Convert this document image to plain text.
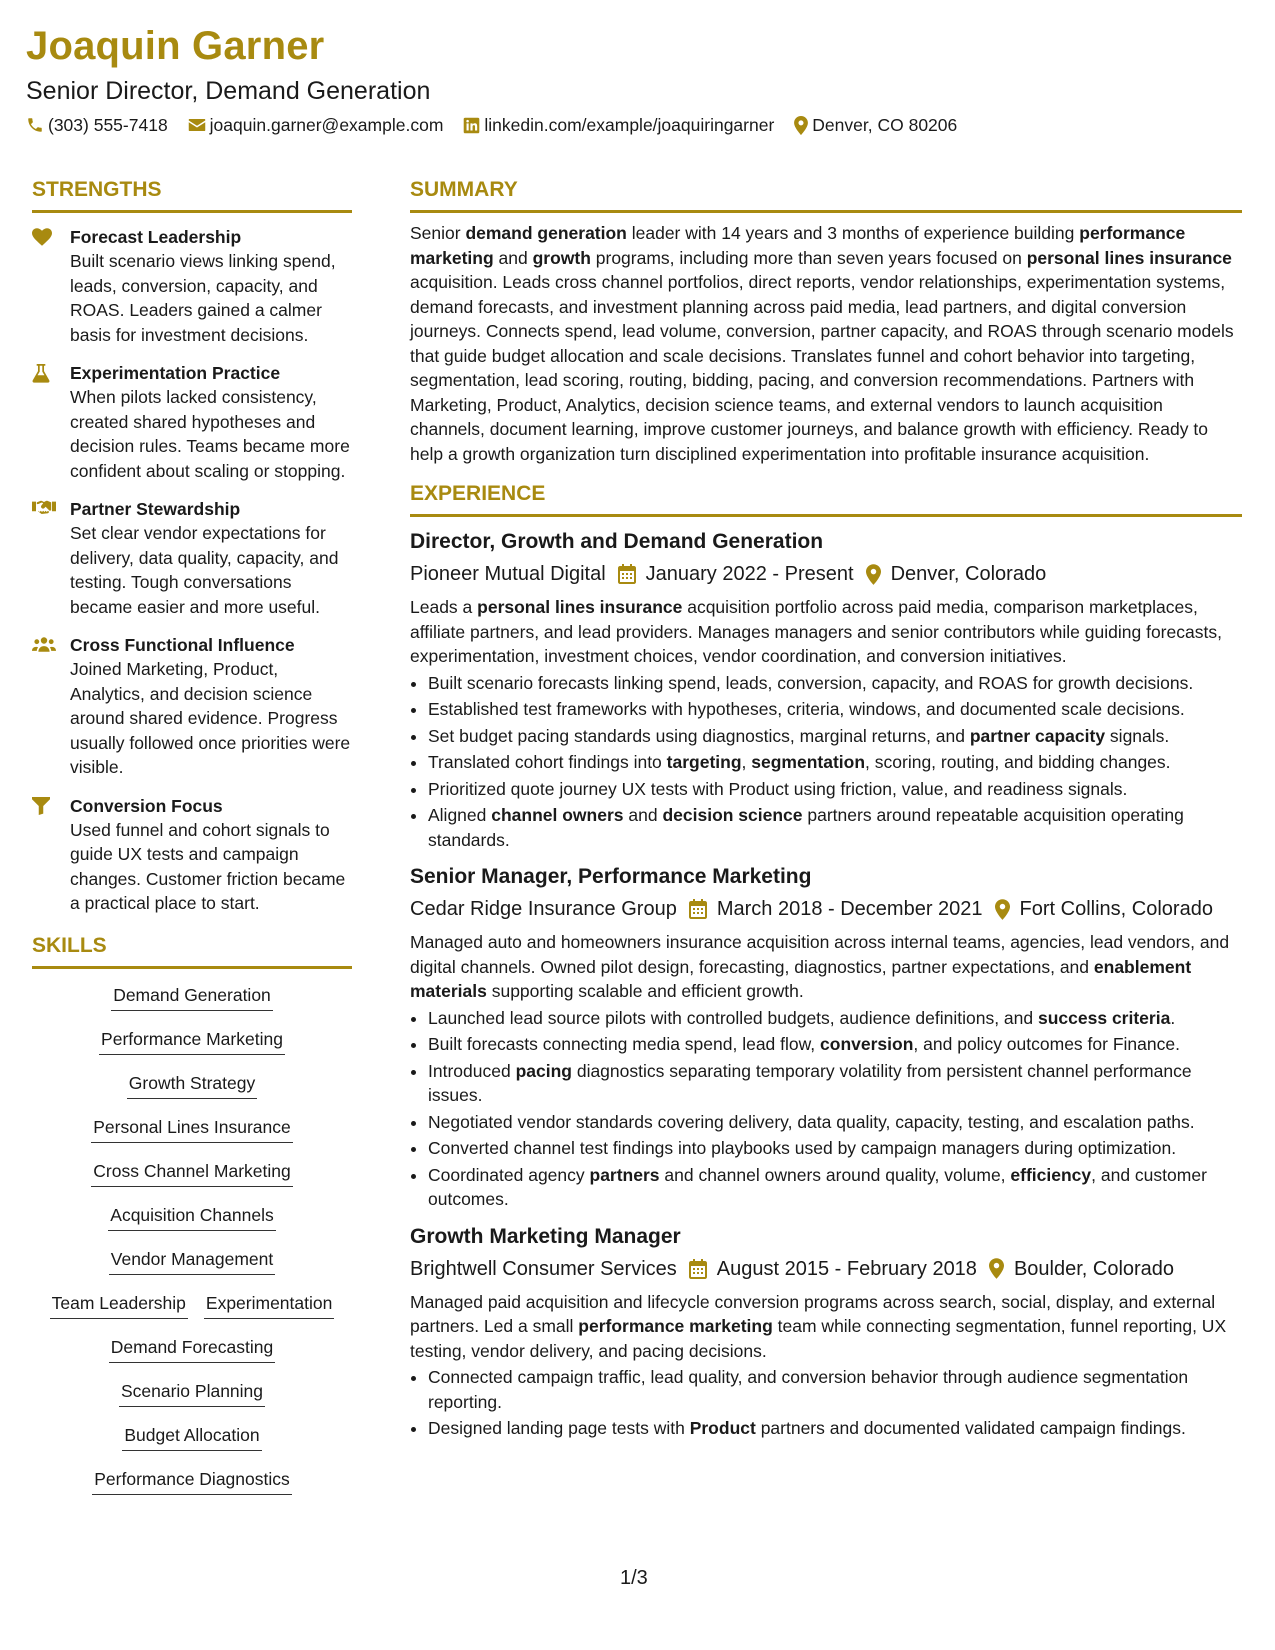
Joaquin Garner
Senior Director, Demand Generation
(303) 555-7418 joaquin.garner@example.com linkedin.com/example/joaquiringarner Denver, CO 80206
STRENGTHS
Forecast Leadership
Built scenario views linking spend, leads, conversion, capacity, and ROAS. Leaders gained a calmer basis for investment decisions.
Experimentation Practice
When pilots lacked consistency, created shared hypotheses and decision rules. Teams became more confident about scaling or stopping.
Partner Stewardship
Set clear vendor expectations for delivery, data quality, capacity, and testing. Tough conversations became easier and more useful.
Cross Functional Influence
Joined Marketing, Product, Analytics, and decision science around shared evidence. Progress usually followed once priorities were visible.
Conversion Focus
Used funnel and cohort signals to guide UX tests and campaign changes. Customer friction became a practical place to start.
SKILLS
Demand Generation
Performance Marketing
Growth Strategy
Personal Lines Insurance
Cross Channel Marketing
Acquisition Channels
Vendor Management
Team Leadership Experimentation
Demand Forecasting
Scenario Planning
Budget Allocation
Performance Diagnostics
SUMMARY
Senior demand generation leader with 14 years and 3 months of experience building performance marketing and growth programs, including more than seven years focused on personal lines insurance acquisition. Leads cross channel portfolios, direct reports, vendor relationships, experimentation systems, demand forecasts, and investment planning across paid media, lead partners, and digital conversion journeys. Connects spend, lead volume, conversion, partner capacity, and ROAS through scenario models that guide budget allocation and scale decisions. Translates funnel and cohort behavior into targeting, segmentation, lead scoring, routing, bidding, pacing, and conversion recommendations. Partners with Marketing, Product, Analytics, decision science teams, and external vendors to launch acquisition channels, document learning, improve customer journeys, and balance growth with efficiency. Ready to help a growth organization turn disciplined experimentation into profitable insurance acquisition.
EXPERIENCE
Director, Growth and Demand Generation
Pioneer Mutual Digital January 2022 - Present Denver, Colorado
Leads a personal lines insurance acquisition portfolio across paid media, comparison marketplaces, affiliate partners, and lead providers. Manages managers and senior contributors while guiding forecasts, experimentation, investment choices, vendor coordination, and conversion initiatives.
• Built scenario forecasts linking spend, leads, conversion, capacity, and ROAS for growth decisions.
• Established test frameworks with hypotheses, criteria, windows, and documented scale decisions.
• Set budget pacing standards using diagnostics, marginal returns, and partner capacity signals.
• Translated cohort findings into targeting, segmentation, scoring, routing, and bidding changes.
• Prioritized quote journey UX tests with Product using friction, value, and readiness signals.
• Aligned channel owners and decision science partners around repeatable acquisition operating standards.
Senior Manager, Performance Marketing
Cedar Ridge Insurance Group March 2018 - December 2021 Fort Collins, Colorado
Managed auto and homeowners insurance acquisition across internal teams, agencies, lead vendors, and digital channels. Owned pilot design, forecasting, diagnostics, partner expectations, and enablement materials supporting scalable and efficient growth.
• Launched lead source pilots with controlled budgets, audience definitions, and success criteria.
• Built forecasts connecting media spend, lead flow, conversion, and policy outcomes for Finance.
• Introduced pacing diagnostics separating temporary volatility from persistent channel performance issues.
• Negotiated vendor standards covering delivery, data quality, capacity, testing, and escalation paths.
• Converted channel test findings into playbooks used by campaign managers during optimization.
• Coordinated agency partners and channel owners around quality, volume, efficiency, and customer outcomes.
Growth Marketing Manager
Brightwell Consumer Services August 2015 - February 2018 Boulder, Colorado
Managed paid acquisition and lifecycle conversion programs across search, social, display, and external partners. Led a small performance marketing team while connecting segmentation, funnel reporting, UX testing, vendor delivery, and pacing decisions.
• Connected campaign traffic, lead quality, and conversion behavior through audience segmentation reporting.
• Designed landing page tests with Product partners and documented validated campaign findings.
1/3
